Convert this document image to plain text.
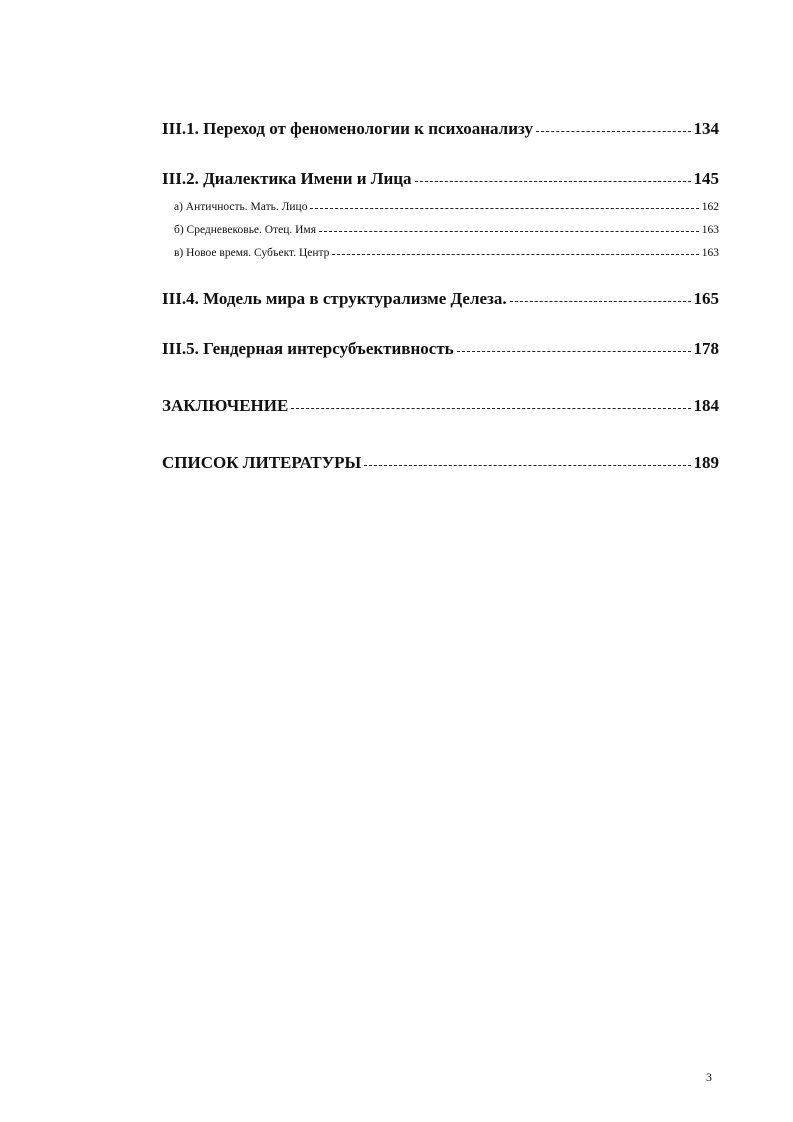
III.1. Переход от феноменологии к психоанализу	134
III.2. Диалектика Имени и Лица	145
а) Античность. Мать. Лицо	162
б) Средневековье. Отец. Имя	163
в) Новое время. Субъект. Центр	163
III.4. Модель мира в структурализме Делеза.	165
III.5. Гендерная интерсубъективность	178
ЗАКЛЮЧЕНИЕ	184
СПИСОК ЛИТЕРАТУРЫ	189
3
